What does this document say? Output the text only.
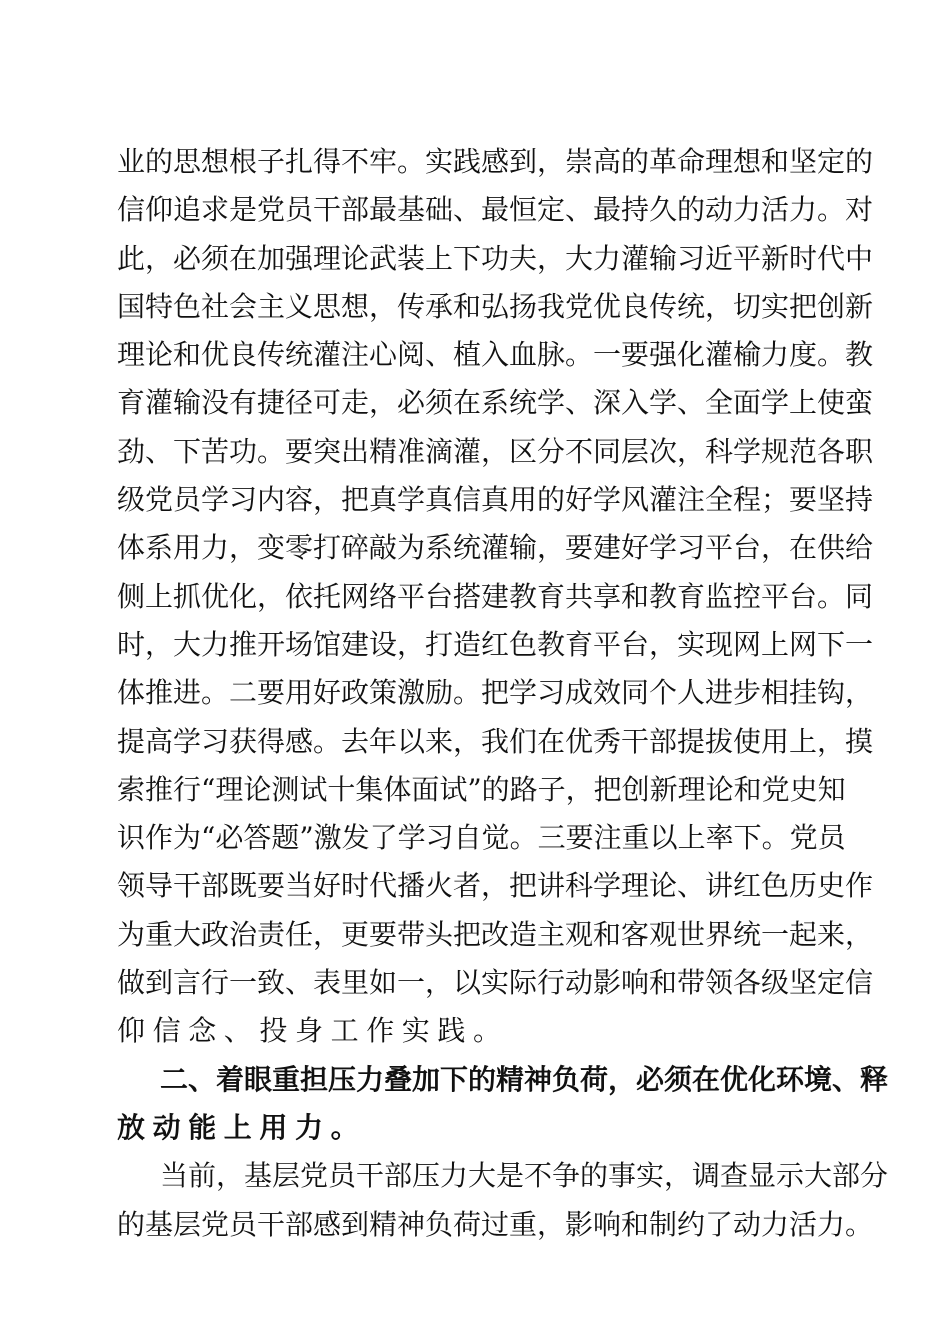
业的思想根子扎得不牢。实践感到，崇高的革命理想和坚定的
信仰追求是党员干部最基础、最恒定、最持久的动力活力。对
此，必须在加强理论武装上下功夫，大力灌输习近平新时代中
国特色社会主义思想，传承和弘扬我党优良传统，切实把创新
理论和优良传统灌注心阅、植入血脉。一要强化灌榆力度。教
育灌输没有捷径可走，必须在系统学、深入学、全面学上使蛮
劲、下苦功。要突出精准滴灌，区分不同层次，科学规范各职
级党员学习内容，把真学真信真用的好学风灌注全程；要坚持
体系用力，变零打碎敲为系统灌输，要建好学习平台，在供给
侧上抓优化，依托网络平台搭建教育共享和教育监控平台。同
时，大力推开场馆建设，打造红色教育平台，实现网上网下一
体推进。二要用好政策激励。把学习成效同个人进步相挂钩，
提高学习获得感。去年以来，我们在优秀干部提拔使用上，摸
索推行“理论测试十集体面试”的路子，把创新理论和党史知
识作为“必答题”激发了学习自觉。三要注重以上率下。党员
领导干部既要当好时代播火者，把讲科学理论、讲红色历史作
为重大政治责任，更要带头把改造主观和客观世界统一起来，
做到言行一致、表里如一，以实际行动影响和带领各级坚定信
仰信念、投身工作实践。
二、着眼重担压力叠加下的精神负荷，必须在优化环境、释
放动能上用力。
当前，基层党员干部压力大是不争的事实，调查显示大部分
的基层党员干部感到精神负荷过重，影响和制约了动力活力。
